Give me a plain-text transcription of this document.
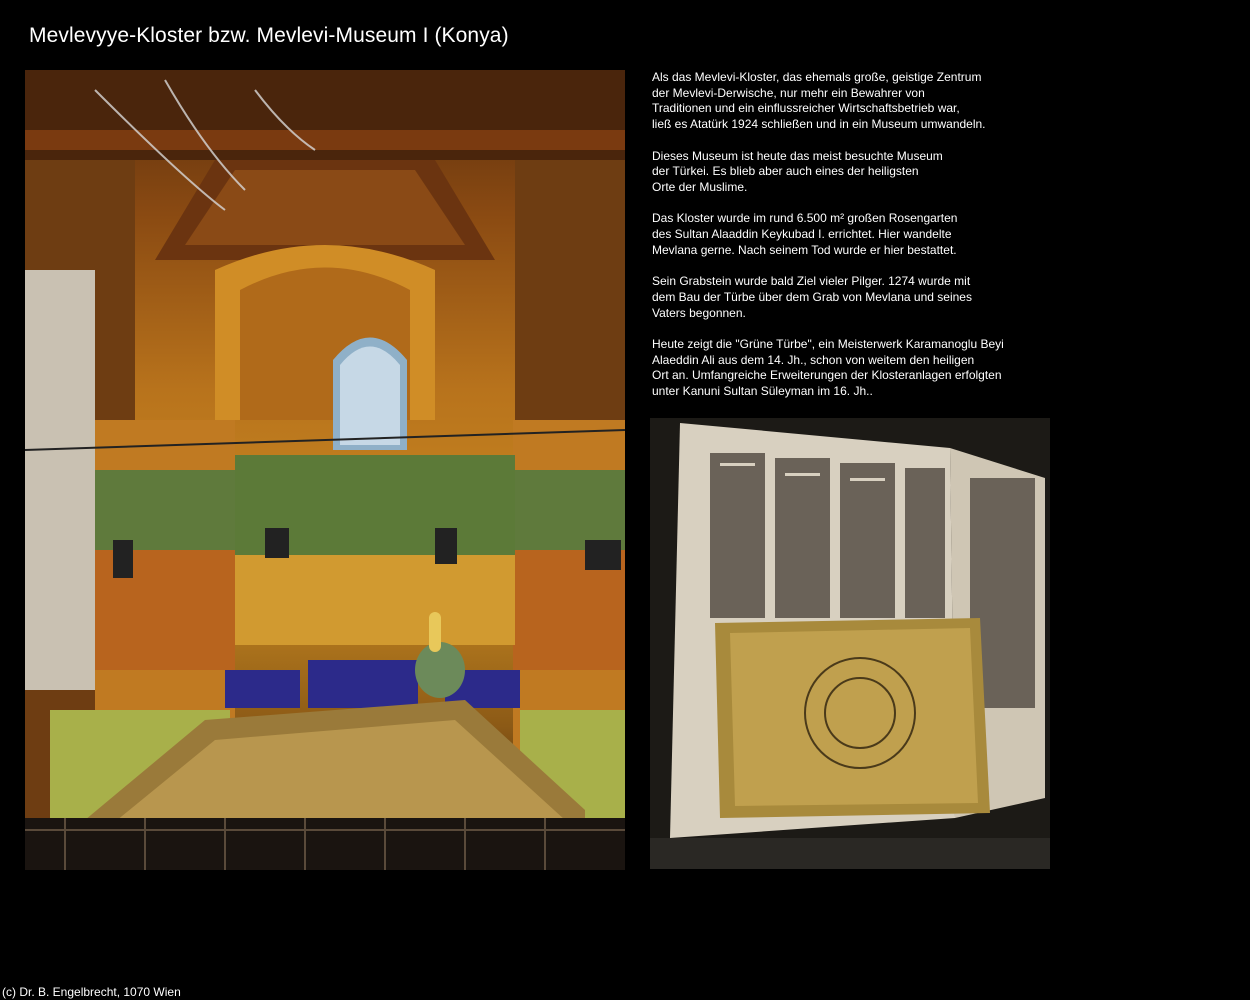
Mevlevyye-Kloster bzw. Mevlevi-Museum I (Konya)

Als das Mevlevi-Kloster, das ehemals große, geistige Zentrum
der Mevlevi-Derwische, nur mehr ein Bewahrer von
Traditionen und ein einflussreicher Wirtschaftsbetrieb war,
ließ es Atatürk 1924 schließen und in ein Museum umwandeln.

Dieses Museum ist heute das meist besuchte Museum
der Türkei. Es blieb aber auch eines der heiligsten
Orte der Muslime.

Das Kloster wurde im rund 6.500 m² großen Rosengarten
des Sultan Alaaddin Keykubad I. errichtet. Hier wandelte
Mevlana gerne. Nach seinem Tod wurde er hier bestattet.

Sein Grabstein wurde bald Ziel vieler Pilger. 1274 wurde mit
dem Bau der Türbe über dem Grab von Mevlana und seines
Vaters begonnen.

Heute zeigt die "Grüne Türbe", ein Meisterwerk Karamanoglu Beyi
Alaeddin Ali aus dem 14. Jh., schon von weitem den heiligen
Ort an. Umfangreiche Erweiterungen der Klosteranlagen erfolgten
unter Kanuni Sultan Süleyman im 16. Jh..

(c) Dr. B. Engelbrecht, 1070 Wien
